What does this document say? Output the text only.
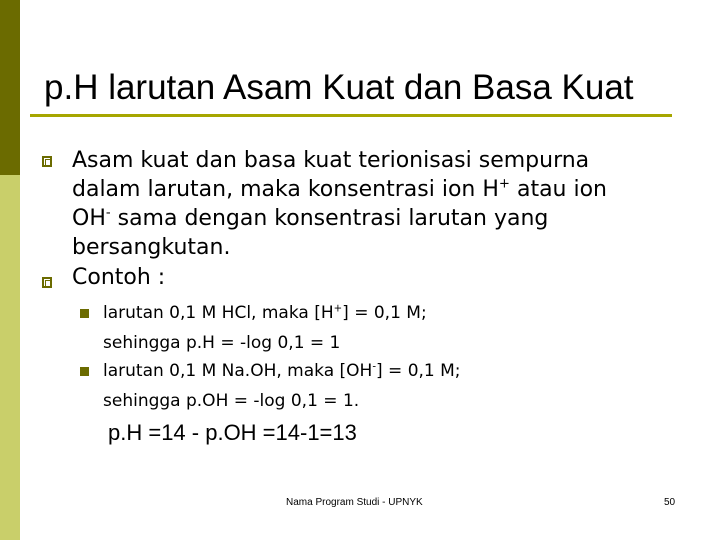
p.H larutan Asam Kuat dan Basa Kuat
Asam kuat dan basa kuat terionisasi sempurna
dalam larutan, maka konsentrasi ion H+ atau ion
OH- sama dengan konsentrasi larutan yang
bersangkutan.
Contoh :
larutan 0,1 M HCl, maka [H+] = 0,1 M;
sehingga p.H = -log 0,1 = 1
larutan 0,1 M Na.OH, maka [OH-] = 0,1 M;
sehingga p.OH = -log 0,1 = 1.
p.H =14 - p.OH =14-1=13
Nama Program Studi - UPNYK	50
